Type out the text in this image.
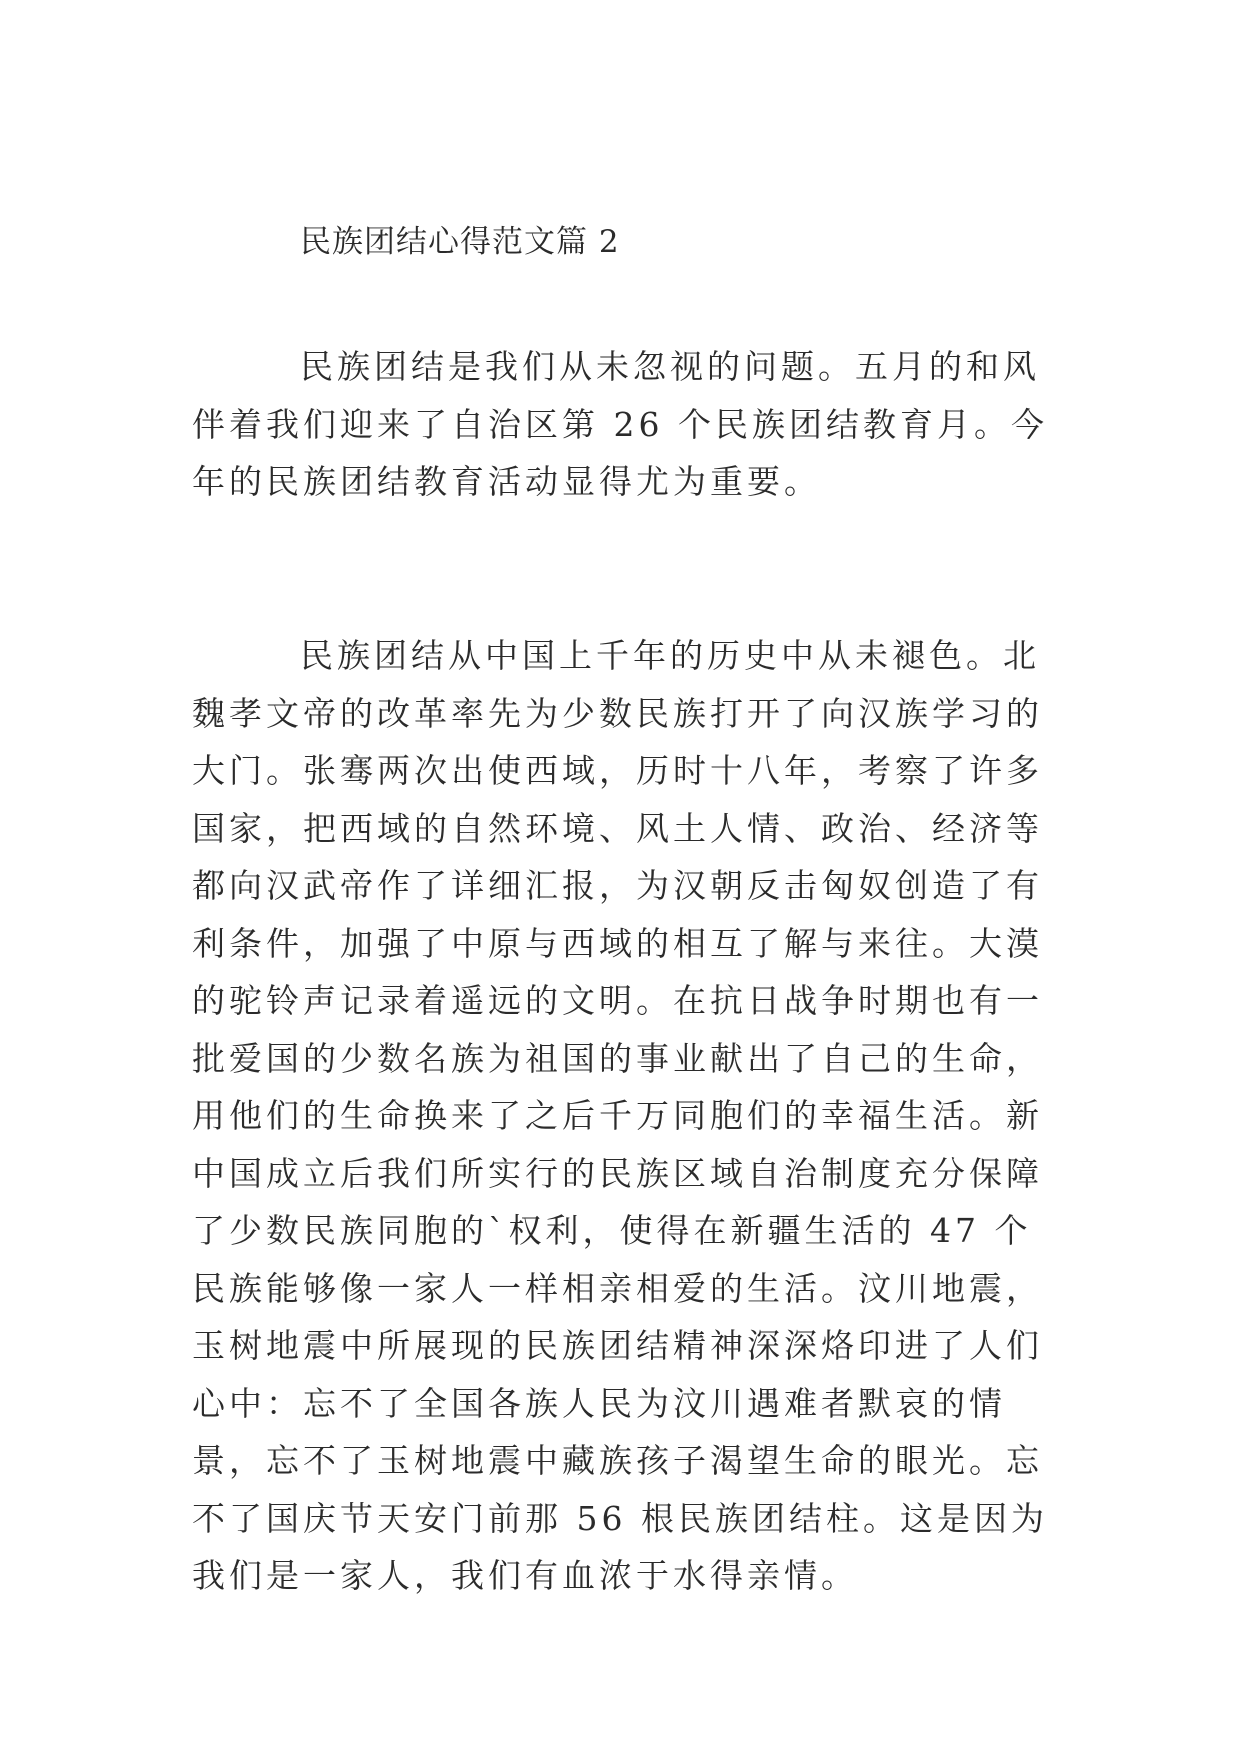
民族团结心得范文篇 2

民族团结是我们从未忽视的问题。五月的和风伴着我们迎来了自治区第 26 个民族团结教育月。今年的民族团结教育活动显得尤为重要。

民族团结从中国上千年的历史中从未褪色。北魏孝文帝的改革率先为少数民族打开了向汉族学习的大门。张骞两次出使西域，历时十八年，考察了许多国家，把西域的自然环境、风土人情、政治、经济等都向汉武帝作了详细汇报，为汉朝反击匈奴创造了有利条件，加强了中原与西域的相互了解与来往。大漠的驼铃声记录着遥远的文明。在抗日战争时期也有一批爱国的少数名族为祖国的事业献出了自己的生命，用他们的生命换来了之后千万同胞们的幸福生活。新中国成立后我们所实行的民族区域自治制度充分保障了少数民族同胞的`权利，使得在新疆生活的 47 个民族能够像一家人一样相亲相爱的生活。汶川地震，玉树地震中所展现的民族团结精神深深烙印进了人们心中：忘不了全国各族人民为汶川遇难者默哀的情景，忘不了玉树地震中藏族孩子渴望生命的眼光。忘不了国庆节天安门前那 56 根民族团结柱。这是因为我们是一家人，我们有血浓于水得亲情。
